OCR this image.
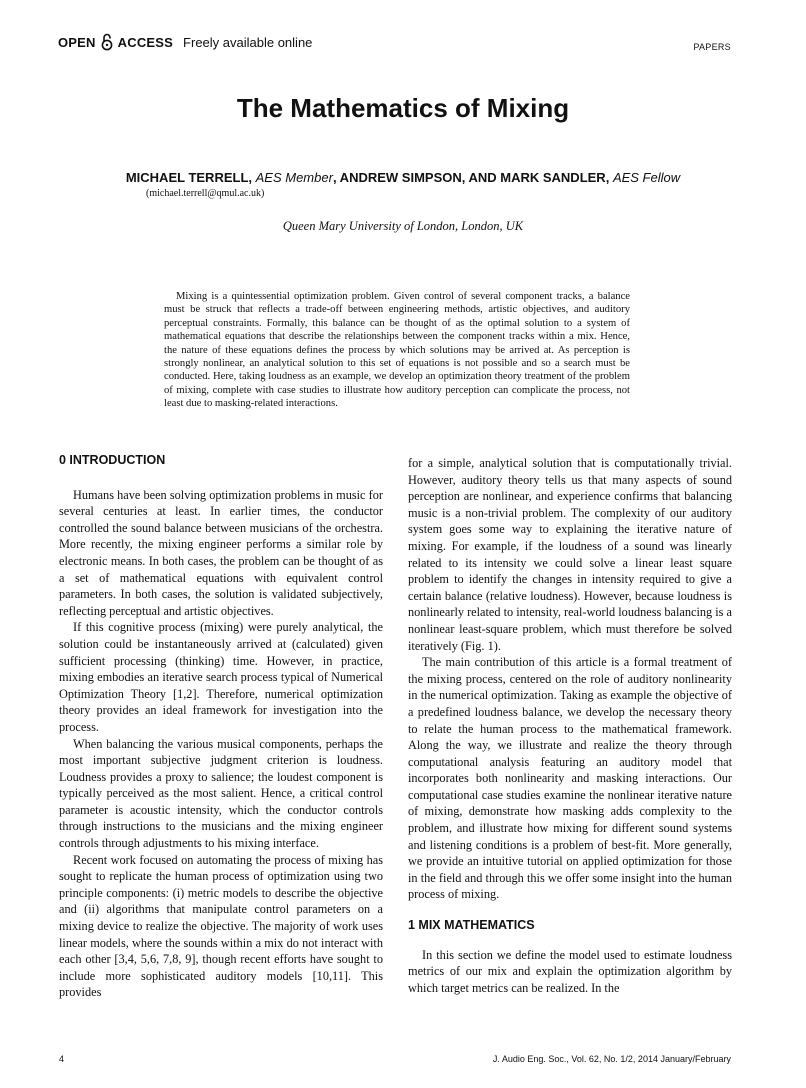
OPEN ACCESS Freely available online	PAPERS
The Mathematics of Mixing
MICHAEL TERRELL, AES Member, ANDREW SIMPSON, AND MARK SANDLER, AES Fellow
(michael.terrell@qmul.ac.uk)
Queen Mary University of London, London, UK

Mixing is a quintessential optimization problem. Given control of several component tracks, a balance must be struck that reflects a trade-off between engineering methods, artistic objectives, and auditory perceptual constraints. Formally, this balance can be thought of as the optimal solution to a system of mathematical equations that describe the relationships between the component tracks within a mix. Hence, the nature of these equations defines the process by which solutions may be arrived at. As perception is strongly nonlinear, an analytical solution to this set of equations is not possible and so a search must be conducted. Here, taking loudness as an example, we develop an optimization theory treatment of the problem of mixing, complete with case studies to illustrate how auditory perception can complicate the process, not least due to masking-related interactions.

0 INTRODUCTION

Humans have been solving optimization problems in music for several centuries at least. In earlier times, the conductor controlled the sound balance between musicians of the orchestra. More recently, the mixing engineer performs a similar role by electronic means. In both cases, the problem can be thought of as a set of mathematical equations with equivalent control parameters. In both cases, the solution is validated subjectively, reflecting perceptual and artistic objectives.

If this cognitive process (mixing) were purely analytical, the solution could be instantaneously arrived at (calculated) given sufficient processing (thinking) time. However, in practice, mixing embodies an iterative search process typical of Numerical Optimization Theory [1,2]. Therefore, numerical optimization theory provides an ideal framework for investigation into the process.

When balancing the various musical components, perhaps the most important subjective judgment criterion is loudness. Loudness provides a proxy to salience; the loudest component is typically perceived as the most salient. Hence, a critical control parameter is acoustic intensity, which the conductor controls through instructions to the musicians and the mixing engineer controls through adjustments to his mixing interface.

Recent work focused on automating the process of mixing has sought to replicate the human process of optimization using two principle components: (i) metric models to describe the objective and (ii) algorithms that manipulate control parameters on a mixing device to realize the objective. The majority of work uses linear models, where the sounds within a mix do not interact with each other [3,4, 5,6, 7,8, 9], though recent efforts have sought to include more sophisticated auditory models [10,11]. This provides

for a simple, analytical solution that is computationally trivial. However, auditory theory tells us that many aspects of sound perception are nonlinear, and experience confirms that balancing music is a non-trivial problem. The complexity of our auditory system goes some way to explaining the iterative nature of mixing. For example, if the loudness of a sound was linearly related to its intensity we could solve a linear least square problem to identify the changes in intensity required to give a certain balance (relative loudness). However, because loudness is nonlinearly related to intensity, real-world loudness balancing is a nonlinear least-square problem, which must therefore be solved iteratively (Fig. 1).

The main contribution of this article is a formal treatment of the mixing process, centered on the role of auditory nonlinearity in the numerical optimization. Taking as example the objective of a predefined loudness balance, we develop the necessary theory to relate the human process to the mathematical framework. Along the way, we illustrate and realize the theory through computational analysis featuring an auditory model that incorporates both nonlinearity and masking interactions. Our computational case studies examine the nonlinear iterative nature of mixing, demonstrate how masking adds complexity to the problem, and illustrate how mixing for different sound systems and listening conditions is a problem of best-fit. More generally, we provide an intuitive tutorial on applied optimization for those in the field and through this we offer some insight into the human process of mixing.

1 MIX MATHEMATICS

In this section we define the model used to estimate loudness metrics of our mix and explain the optimization algorithm by which target metrics can be realized. In the

4	J. Audio Eng. Soc., Vol. 62, No. 1/2, 2014 January/February
